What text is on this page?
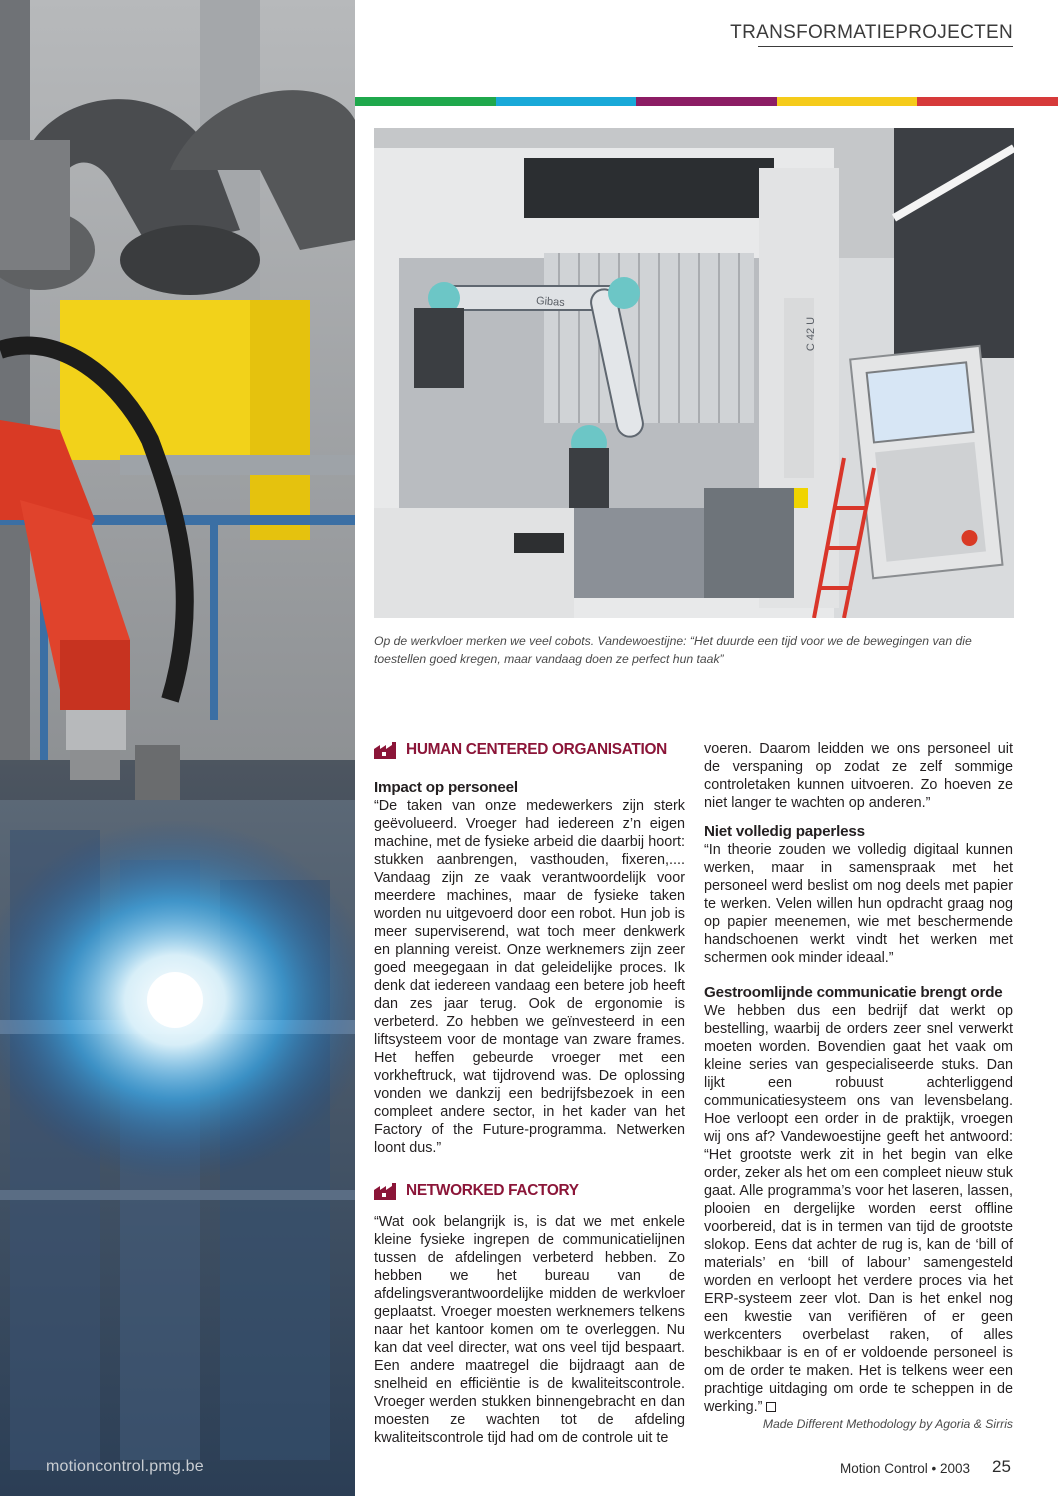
motioncontrol.pmg.be
TRANSFORMATIEPROJECTEN
Gibas
C 42 U
Op de werkvloer merken we veel cobots. Vandewoestijne: “Het duurde een tijd voor we de bewegingen van die toestellen goed kregen, maar vandaag doen ze perfect hun taak”
HUMAN CENTERED ORGANISATION
Impact op personeel

“De taken van onze medewerkers zijn sterk geëvolueerd. Vroeger had iedereen z’n eigen machine, met de fysieke arbeid die daarbij hoort: stukken aanbrengen, vasthouden, fixeren,.... Vandaag zijn ze vaak verantwoordelijk voor meerdere machines, maar de fysieke taken worden nu uitgevoerd door een robot. Hun job is meer superviserend, wat toch meer denkwerk en planning vereist. Onze werknemers zijn zeer goed meegegaan in dat geleidelijke proces. Ik denk dat iedereen vandaag een betere job heeft dan zes jaar terug. Ook de ergonomie is verbeterd. Zo hebben we geïnvesteerd in een liftsysteem voor de montage van zware frames. Het heffen gebeurde vroeger met een vorkheftruck, wat tijdrovend was. De oplossing vonden we dankzij een bedrijfsbezoek in een compleet andere sector, in het kader van het Factory of the Future-programma. Netwerken loont dus.”

NETWORKED FACTORY

“Wat ook belangrijk is, is dat we met enkele kleine fysieke ingrepen de communicatielijnen tussen de afdelingen verbeterd hebben. Zo hebben we het bureau van de afdelingsverantwoordelijke midden de werkvloer geplaatst. Vroeger moesten werknemers telkens naar het kantoor komen om te overleggen. Nu kan dat veel directer, wat ons veel tijd bespaart. Een andere maatregel die bijdraagt aan de snelheid en efficiëntie is de kwaliteitscontrole. Vroeger werden stukken binnengebracht en dan moesten ze wachten tot de afdeling kwaliteitscontrole tijd had om de controle uit te

voeren. Daarom leidden we ons personeel uit de verspaning op zodat ze zelf sommige controletaken kunnen uitvoeren. Zo hoeven ze niet langer te wachten op anderen.”

Niet volledig paperless

“In theorie zouden we volledig digitaal kunnen werken, maar in samenspraak met het personeel werd beslist om nog deels met papier te werken. Velen willen hun opdracht graag nog op papier meenemen, wie met beschermende handschoenen werkt vindt het werken met schermen ook minder ideaal.”

Gestroomlijnde communicatie brengt orde

We hebben dus een bedrijf dat werkt op bestelling, waarbij de orders zeer snel verwerkt moeten worden. Bovendien gaat het vaak om kleine series van gespecialiseerde stuks. Dan lijkt een robuust achterliggend communicatiesysteem ons van levensbelang. Hoe verloopt een order in de praktijk, vroegen wij ons af? Vandewoestijne geeft het antwoord: “Het grootste werk zit in het begin van elke order, zeker als het om een compleet nieuw stuk gaat. Alle programma’s voor het laseren, lassen, plooien en dergelijke worden eerst offline voorbereid, dat is in termen van tijd de grootste slokop. Eens dat achter de rug is, kan de ‘bill of materials’ en ‘bill of labour’ samengesteld worden en verloopt het verdere proces via het ERP-systeem zeer vlot. Dan is het enkel nog een kwestie van verifiëren of er geen werkcenters overbelast raken, of alles beschikbaar is en of er voldoende personeel is om de order te maken. Het is telkens weer een prachtige uitdaging om orde te scheppen in de werking.”

Made Different Methodology by Agoria & Sirris
Motion Control • 2003 25
